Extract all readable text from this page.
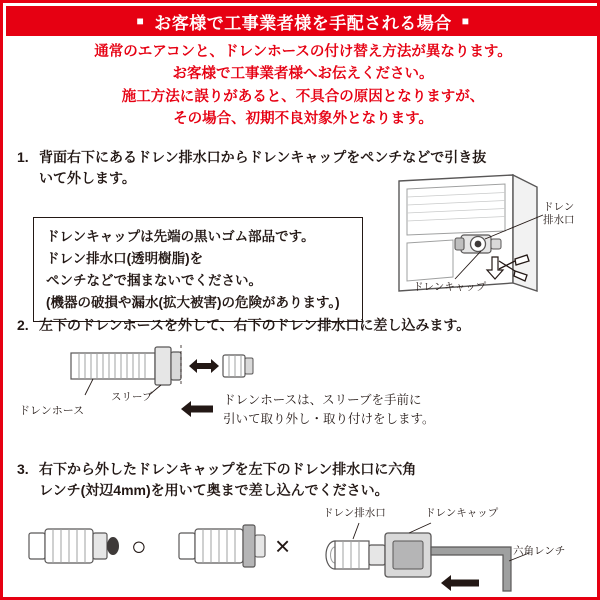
■ お客様で工事業者様を手配される場合 ■
通常のエアコンと、ドレンホースの付け替え方法が異なります。
お客様で工事業者様へお伝えください。
施工方法に誤りがあると、不具合の原因となりますが、
その場合、初期不良対象外となります。
1. 背面右下にあるドレン排水口からドレンキャップをペンチなどで引き抜
いて外します。
ドレンキャップは先端の黒いゴム部品です。
ドレン排水口(透明樹脂)を
ペンチなどで掴まないでください。
(機器の破損や漏水(拡大被害)の危険があります。)
ドレン
排水口
ドレンキャップ
2. 左下のドレンホースを外して、右下のドレン排水口に差し込みます。
スリーブ
ドレンホース
ドレンホースは、スリーブを手前に
引いて取り外し・取り付けをします。
3. 右下から外したドレンキャップを左下のドレン排水口に六角
レンチ(対辺4mm)を用いて奥まで差し込んでください。
○	×
ドレン排水口	ドレンキャップ
六角レンチ
